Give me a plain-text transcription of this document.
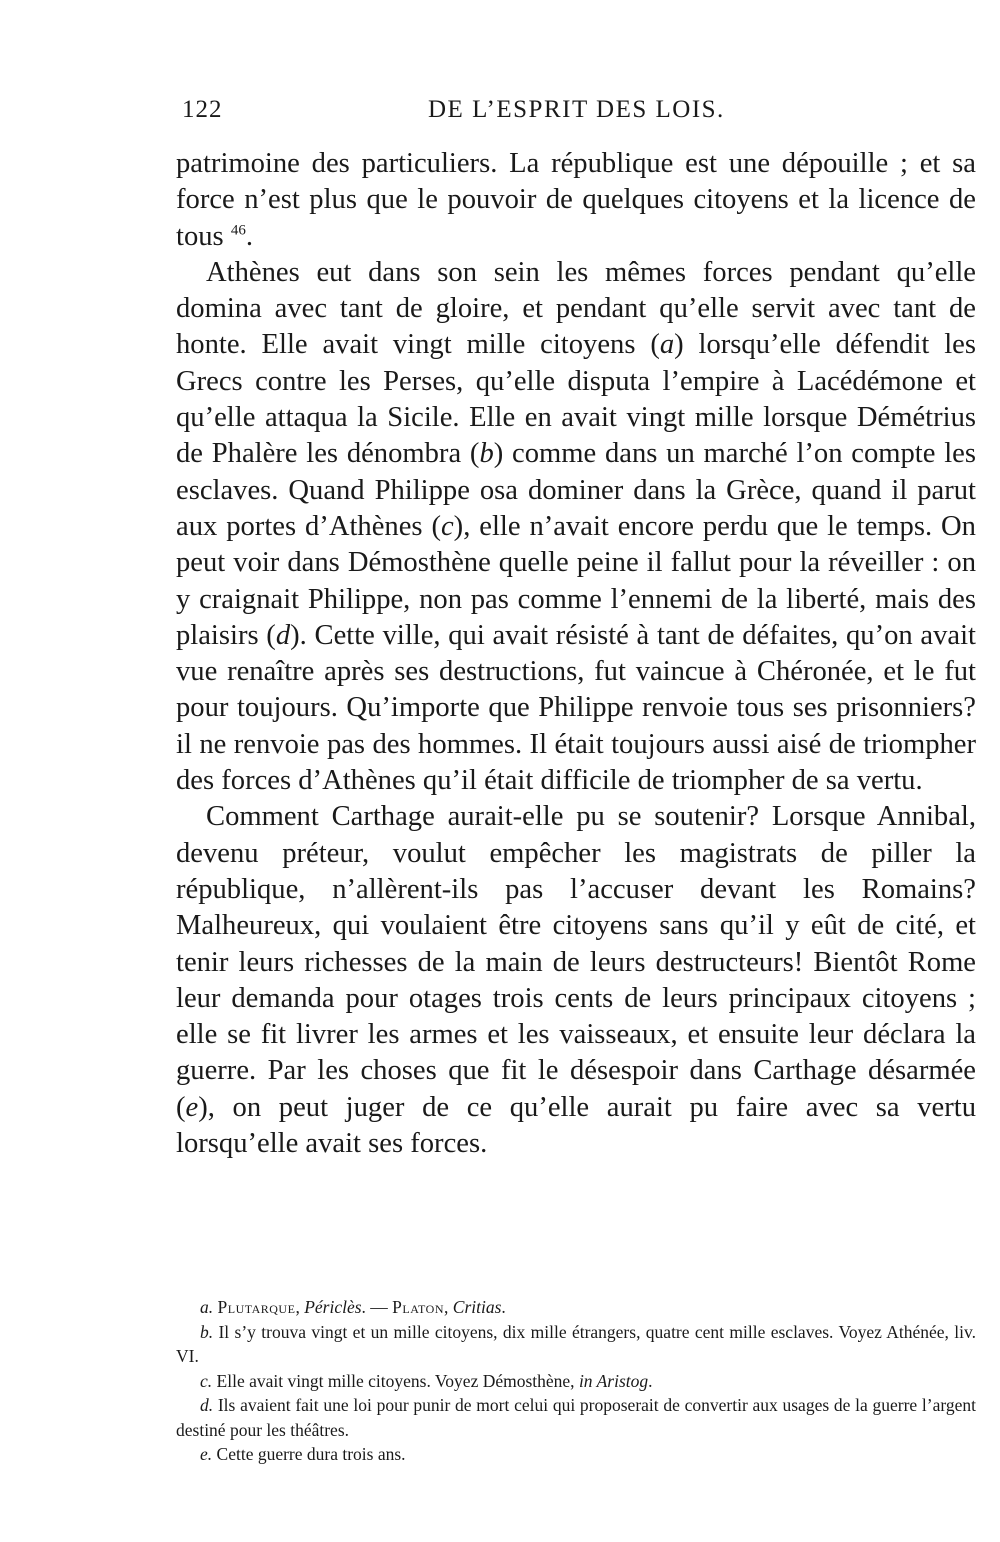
122	DE L’ESPRIT DES LOIS.

patrimoine des particuliers. La république est une dépouille ; et sa force n’est plus que le pouvoir de quelques citoyens et la licence de tous $^{46}$.

Athènes eut dans son sein les mêmes forces pendant qu’elle domina avec tant de gloire, et pendant qu’elle servit avec tant de honte. Elle avait vingt mille citoyens (a) lorsqu’elle défendit les Grecs contre les Perses, qu’elle disputa l’empire à Lacédémone et qu’elle attaqua la Sicile. Elle en avait vingt mille lorsque Démétrius de Phalère les dénombra (b) comme dans un marché l’on compte les esclaves. Quand Philippe osa dominer dans la Grèce, quand il parut aux portes d’Athènes (c), elle n’avait encore perdu que le temps. On peut voir dans Démosthène quelle peine il fallut pour la réveiller : on y craignait Philippe, non pas comme l’ennemi de la liberté, mais des plaisirs (d). Cette ville, qui avait résisté à tant de défaites, qu’on avait vue renaître après ses destructions, fut vaincue à Chéronée, et le fut pour toujours. Qu’importe que Philippe renvoie tous ses prisonniers? il ne renvoie pas des hommes. Il était toujours aussi aisé de triompher des forces d’Athènes qu’il était difficile de triompher de sa vertu.

Comment Carthage aurait-elle pu se soutenir? Lorsque Annibal, devenu préteur, voulut empêcher les magistrats de piller la république, n’allèrent-ils pas l’accuser devant les Romains? Malheureux, qui voulaient être citoyens sans qu’il y eût de cité, et tenir leurs richesses de la main de leurs destructeurs! Bientôt Rome leur demanda pour otages trois cents de leurs principaux citoyens ; elle se fit livrer les armes et les vaisseaux, et ensuite leur déclara la guerre. Par les choses que fit le désespoir dans Carthage désarmée (e), on peut juger de ce qu’elle aurait pu faire avec sa vertu lorsqu’elle avait ses forces.

a. Plutarque, Périclès. — Platon, Critias.

b. Il s’y trouva vingt et un mille citoyens, dix mille étrangers, quatre cent mille esclaves. Voyez Athénée, liv. VI.

c. Elle avait vingt mille citoyens. Voyez Démosthène, in Aristog.

d. Ils avaient fait une loi pour punir de mort celui qui proposerait de convertir aux usages de la guerre l’argent destiné pour les théâtres.

e. Cette guerre dura trois ans.
